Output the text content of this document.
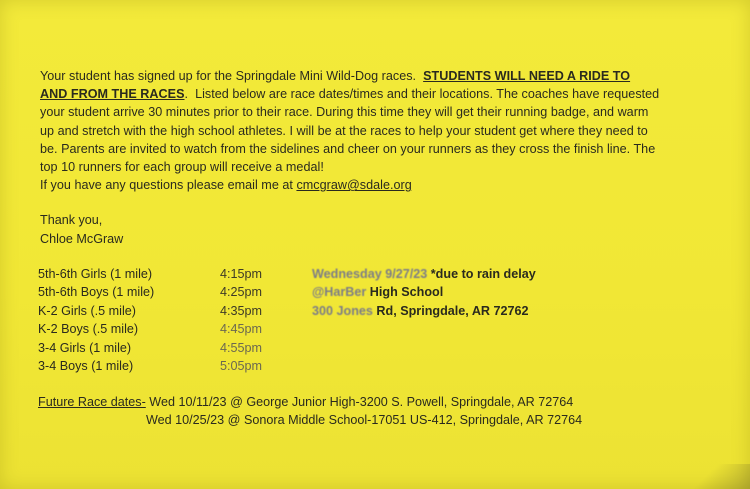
Your student has signed up for the Springdale Mini Wild-Dog races. STUDENTS WILL NEED A RIDE TO
AND FROM THE RACES. Listed below are race dates/times and their locations. The coaches have requested
your student arrive 30 minutes prior to their race. During this time they will get their running badge, and warm
up and stretch with the high school athletes. I will be at the races to help your student get where they need to
be. Parents are invited to watch from the sidelines and cheer on your runners as they cross the finish line. The
top 10 runners for each group will receive a medal!
If you have any questions please email me at cmcgraw@sdale.org
Thank you,
Chloe McGraw
5th-6th Girls (1 mile)	4:15pm
5th-6th Boys (1 mile)	4:25pm
K-2 Girls (.5 mile)	4:35pm
K-2 Boys (.5 mile)	4:45pm
3-4 Girls (1 mile)	4:55pm
3-4 Boys (1 mile)	5:05pm
Wednesday 9/27/23 *due to rain delay
@HarBer High School
300 Jones Rd, Springdale, AR 72762
Future Race dates- Wed 10/11/23 @ George Junior High-3200 S. Powell, Springdale, AR 72764
Wed 10/25/23 @ Sonora Middle School-17051 US-412, Springdale, AR 72764
